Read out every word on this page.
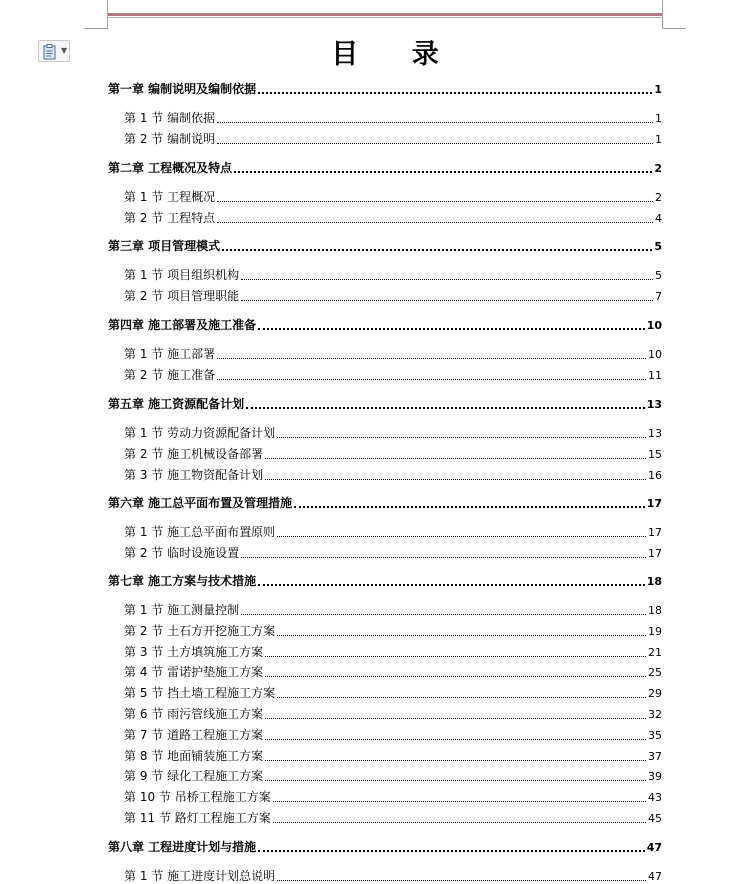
▼	目 录
第一章 编制说明及编制依据	1
第 1 节 编制依据	1
第 2 节 编制说明	1
第二章 工程概况及特点	2
第 1 节 工程概况	2
第 2 节 工程特点	4
第三章 项目管理模式	5
第 1 节 项目组织机构	5
第 2 节 项目管理职能	7
第四章 施工部署及施工准备	10
第 1 节 施工部署	10
第 2 节 施工准备	11
第五章 施工资源配备计划	13
第 1 节 劳动力资源配备计划	13
第 2 节 施工机械设备部署	15
第 3 节 施工物资配备计划	16
第六章 施工总平面布置及管理措施	17
第 1 节 施工总平面布置原则	17
第 2 节 临时设施设置	17
第七章 施工方案与技术措施	18
第 1 节 施工测量控制	18
第 2 节 土石方开挖施工方案	19
第 3 节 土方填筑施工方案	21
第 4 节 雷诺护垫施工方案	25
第 5 节 挡土墙工程施工方案	29
第 6 节 雨污管线施工方案	32
第 7 节 道路工程施工方案	35
第 8 节 地面铺装施工方案	37
第 9 节 绿化工程施工方案	39
第 10 节 吊桥工程施工方案	43
第 11 节 路灯工程施工方案	45
第八章 工程进度计划与措施	47
第 1 节 施工进度计划总说明	47
